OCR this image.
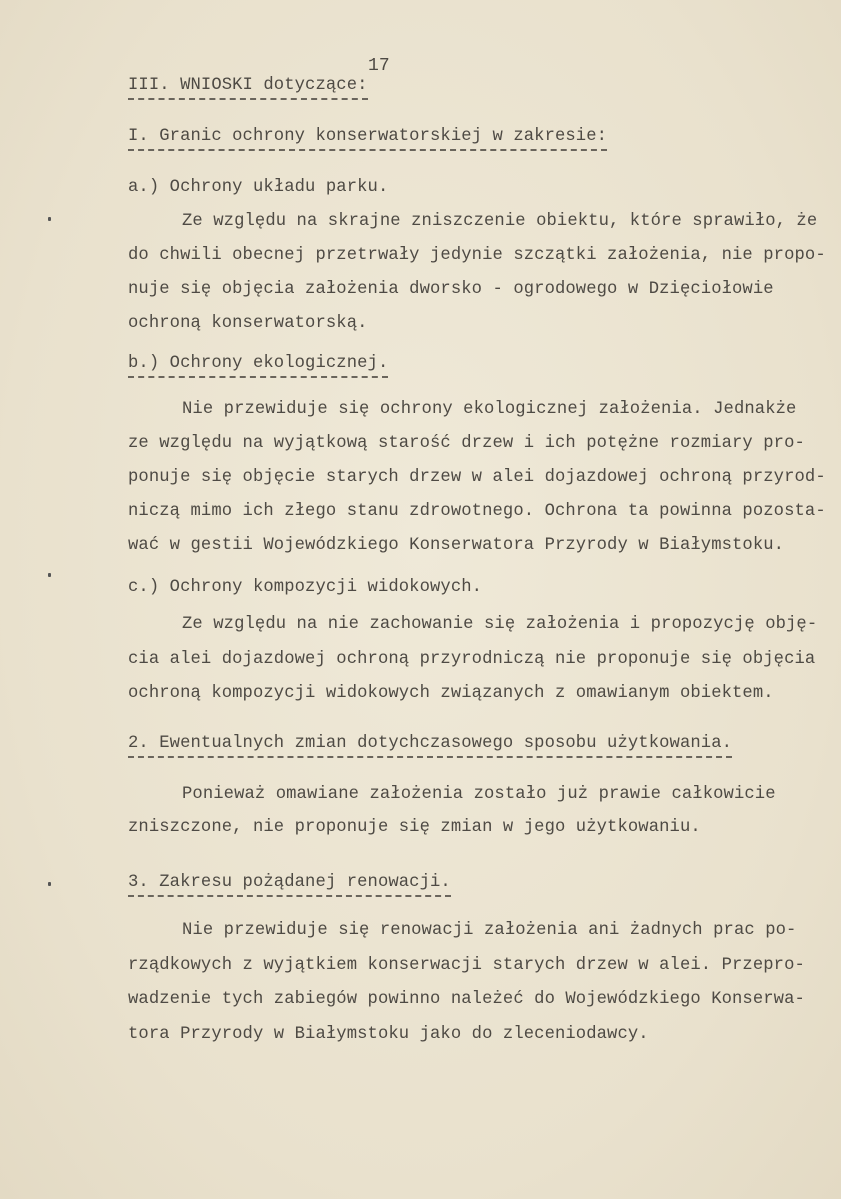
17
III. WNIOSKI dotyczące:
I. Granic ochrony konserwatorskiej w zakresie:
a.) Ochrony układu parku.
Ze względu na skrajne zniszczenie obiektu, które sprawiło, że
do chwili obecnej przetrwały jedynie szczątki założenia, nie propo-
nuje się objęcia założenia dworsko - ogrodowego w Dzięciołowie
ochroną konserwatorską.
b.) Ochrony ekologicznej.
Nie przewiduje się ochrony ekologicznej założenia. Jednakże
ze względu na wyjątkową starość drzew i ich potężne rozmiary pro-
ponuje się objęcie starych drzew w alei dojazdowej ochroną przyrod-
niczą mimo ich złego stanu zdrowotnego. Ochrona ta powinna pozosta-
wać w gestii Wojewódzkiego Konserwatora Przyrody w Białymstoku.
c.) Ochrony kompozycji widokowych.
Ze względu na nie zachowanie się założenia i propozycję obję-
cia alei dojazdowej ochroną przyrodniczą nie proponuje się objęcia
ochroną kompozycji widokowych związanych z omawianym obiektem.
2. Ewentualnych zmian dotychczasowego sposobu użytkowania.
Ponieważ omawiane założenia zostało już prawie całkowicie
zniszczone, nie proponuje się zmian w jego użytkowaniu.
3. Zakresu pożądanej renowacji.
Nie przewiduje się renowacji założenia ani żadnych prac po-
rządkowych z wyjątkiem konserwacji starych drzew w alei. Przepro-
wadzenie tych zabiegów powinno należeć do Wojewódzkiego Konserwa-
tora Przyrody w Białymstoku jako do zleceniodawcy.
